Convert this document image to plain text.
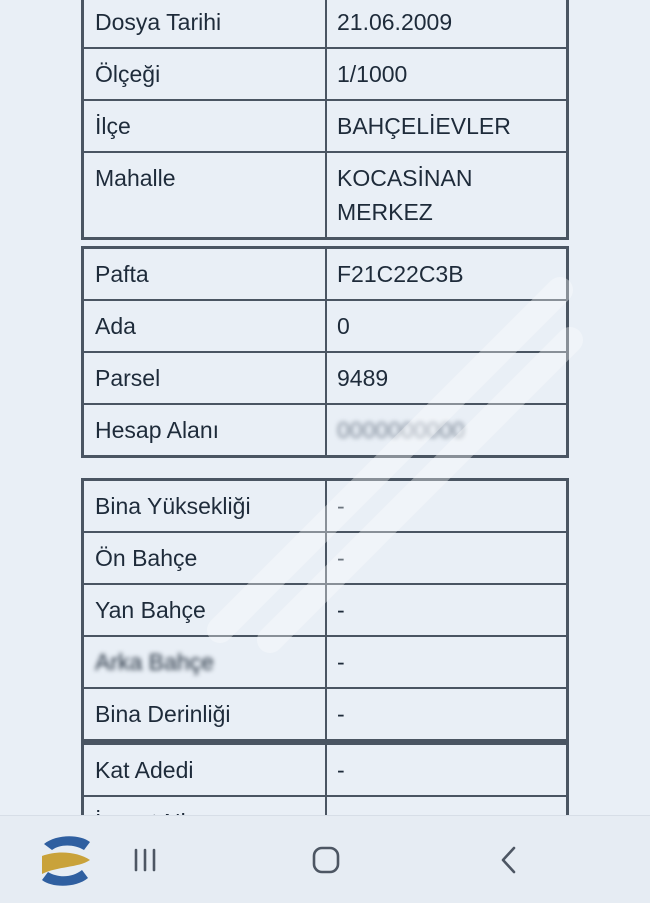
Dosya Tarihi	21.06.2009
Ölçeği	1/1000
İlçe	BAHÇELİEVLER
Mahalle	KOCASİNAN MERKEZ
Pafta	F21C22C3B
Ada	0
Parsel	9489
Hesap Alanı	0000000000
Bina Yüksekliği	-
Ön Bahçe	-
Yan Bahçe	-
Arka Bahçe	-
Bina Derinliği	-
Kat Adedi	-
